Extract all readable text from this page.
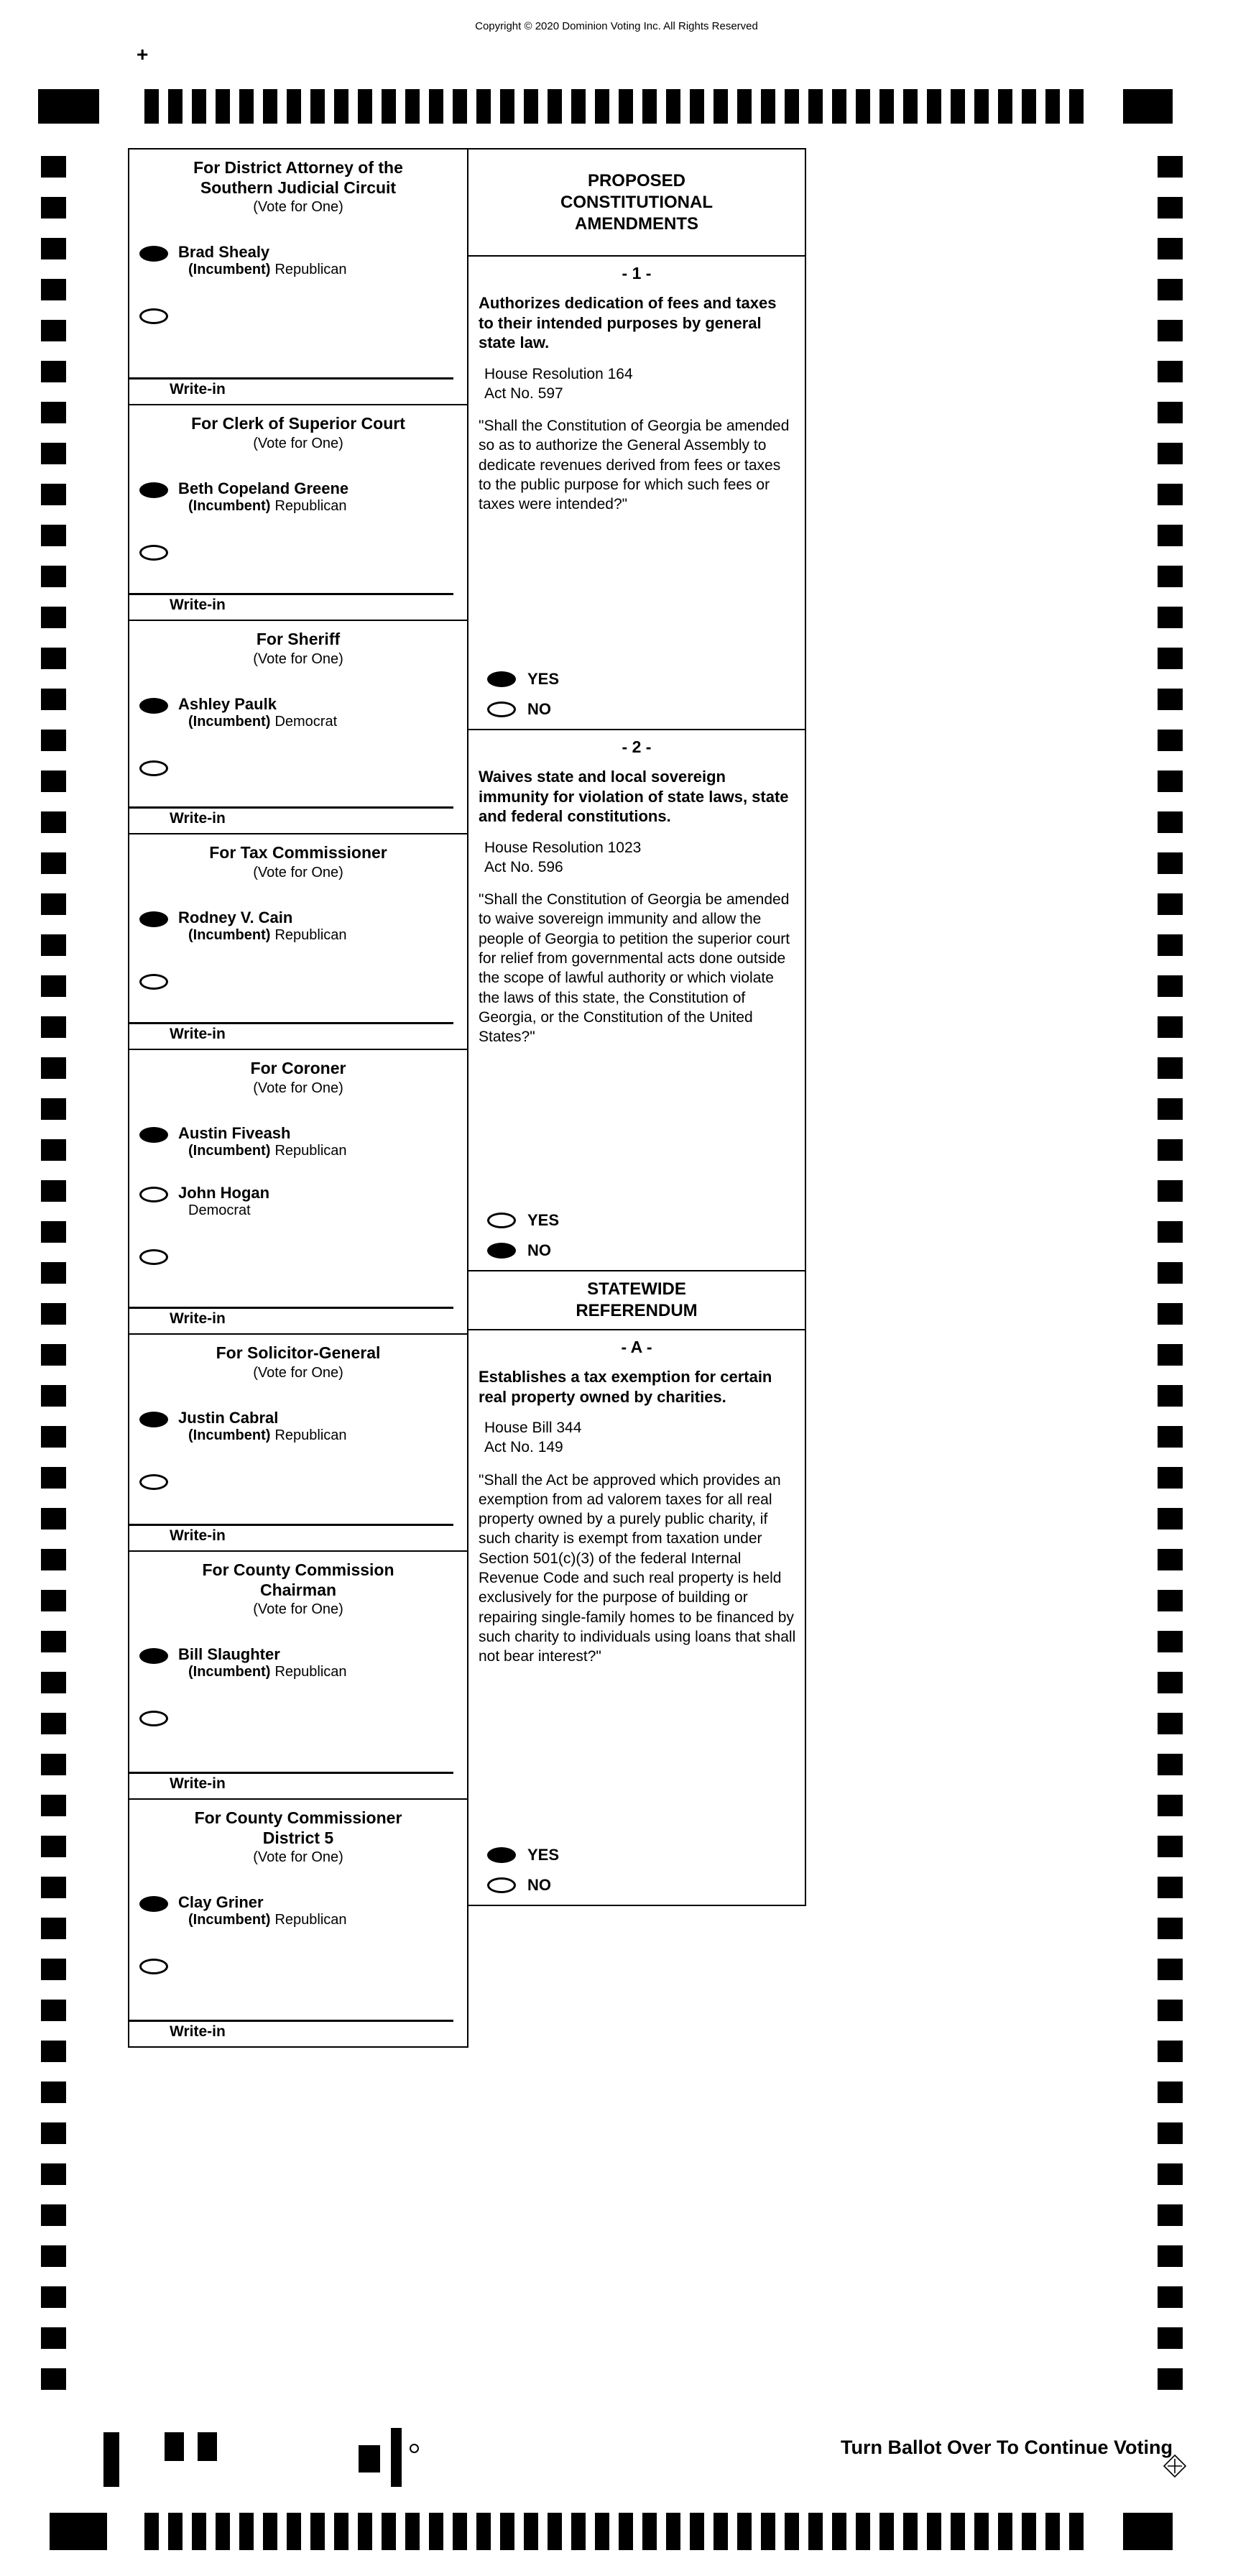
Copyright © 2020 Dominion Voting Inc. All Rights Reserved
+
For District Attorney of the
Southern Judicial Circuit
(Vote for One)
Brad Shealy
(Incumbent) Republican
Write-in
For Clerk of Superior Court
(Vote for One)
Beth Copeland Greene
(Incumbent) Republican
Write-in
For Sheriff
(Vote for One)
Ashley Paulk
(Incumbent) Democrat
Write-in
For Tax Commissioner
(Vote for One)
Rodney V. Cain
(Incumbent) Republican
Write-in
For Coroner
(Vote for One)
Austin Fiveash
(Incumbent) Republican
John Hogan
Democrat
Write-in
For Solicitor-General
(Vote for One)
Justin Cabral
(Incumbent) Republican
Write-in
For County Commission
Chairman
(Vote for One)
Bill Slaughter
(Incumbent) Republican
Write-in
For County Commissioner
District 5
(Vote for One)
Clay Griner
(Incumbent) Republican
Write-in
PROPOSED
CONSTITUTIONAL
AMENDMENTS
- 1 -
Authorizes dedication of fees and taxes to their intended purposes by general state law.
House Resolution 164
Act No. 597
"Shall the Constitution of Georgia be amended so as to authorize the General Assembly to dedicate revenues derived from fees or taxes to the public purpose for which such fees or taxes were intended?"
YES
NO
- 2 -
Waives state and local sovereign immunity for violation of state laws, state and federal constitutions.
House Resolution 1023
Act No. 596
"Shall the Constitution of Georgia be amended to waive sovereign immunity and allow the people of Georgia to petition the superior court for relief from governmental acts done outside the scope of lawful authority or which violate the laws of this state, the Constitution of Georgia, or the Constitution of the United States?"
YES
NO
STATEWIDE
REFERENDUM
- A -
Establishes a tax exemption for certain real property owned by charities.
House Bill 344
Act No. 149
"Shall the Act be approved which provides an exemption from ad valorem taxes for all real property owned by a purely public charity, if such charity is exempt from taxation under Section 501(c)(3) of the federal Internal Revenue Code and such real property is held exclusively for the purpose of building or repairing single-family homes to be financed by such charity to individuals using loans that shall not bear interest?"
YES
NO
Turn Ballot Over To Continue Voting
